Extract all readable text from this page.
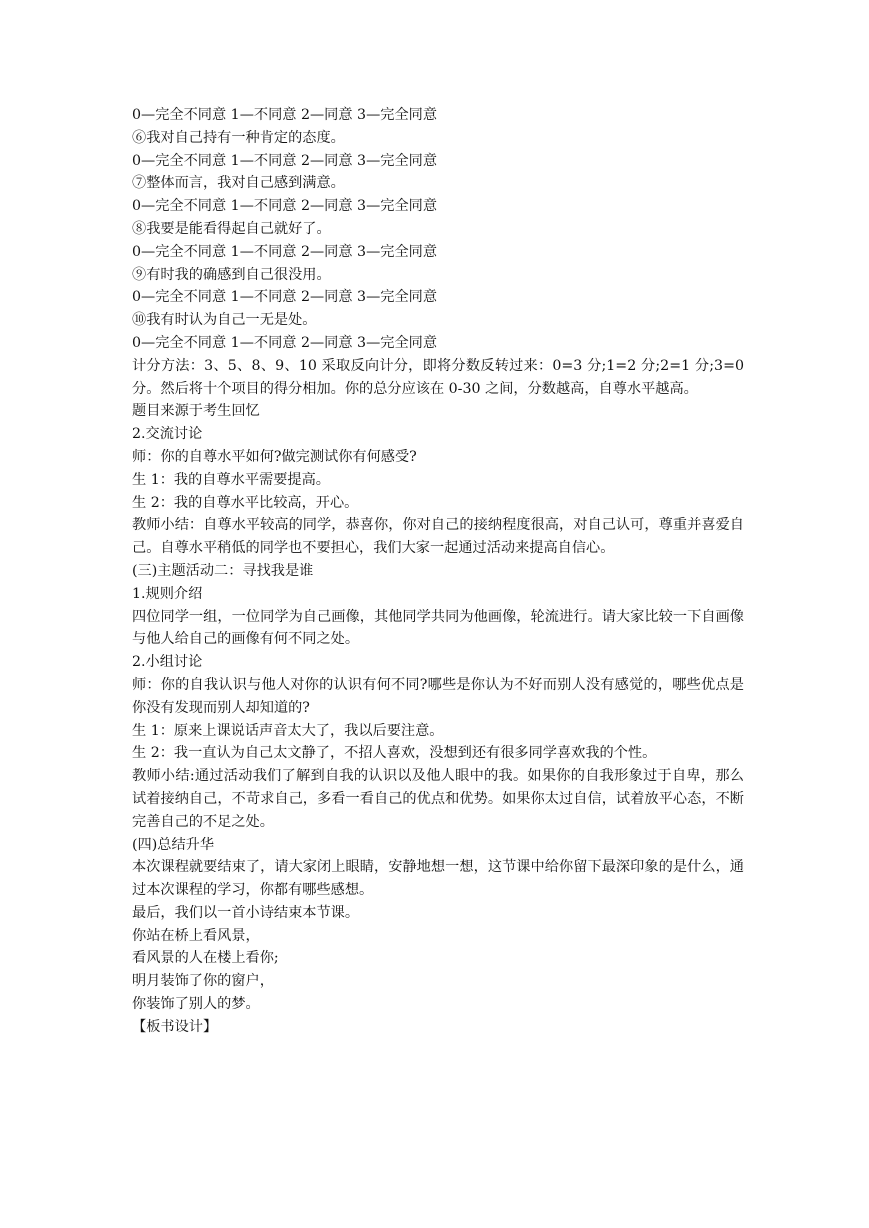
0—完全不同意 1—不同意 2—同意 3—完全同意
⑥我对自己持有一种肯定的态度。
0—完全不同意 1—不同意 2—同意 3—完全同意
⑦整体而言，我对自己感到满意。
0—完全不同意 1—不同意 2—同意 3—完全同意
⑧我要是能看得起自己就好了。
0—完全不同意 1—不同意 2—同意 3—完全同意
⑨有时我的确感到自己很没用。
0—完全不同意 1—不同意 2—同意 3—完全同意
⑩我有时认为自己一无是处。
0—完全不同意 1—不同意 2—同意 3—完全同意
计分方法：3、5、8、9、10 采取反向计分，即将分数反转过来：0=3 分;1=2 分;2=1 分;3=0 分。然后将十个项目的得分相加。你的总分应该在 0-30 之间，分数越高，自尊水平越高。
题目来源于考生回忆
2.交流讨论
师：你的自尊水平如何?做完测试你有何感受?
生 1：我的自尊水平需要提高。
生 2：我的自尊水平比较高，开心。
教师小结：自尊水平较高的同学，恭喜你，你对自己的接纳程度很高，对自己认可，尊重并喜爱自己。自尊水平稍低的同学也不要担心，我们大家一起通过活动来提高自信心。
(三)主题活动二：寻找我是谁
1.规则介绍
四位同学一组，一位同学为自己画像，其他同学共同为他画像，轮流进行。请大家比较一下自画像与他人给自己的画像有何不同之处。
2.小组讨论
师：你的自我认识与他人对你的认识有何不同?哪些是你认为不好而别人没有感觉的，哪些优点是你没有发现而别人却知道的?
生 1：原来上课说话声音太大了，我以后要注意。
生 2：我一直认为自己太文静了，不招人喜欢，没想到还有很多同学喜欢我的个性。
教师小结:通过活动我们了解到自我的认识以及他人眼中的我。如果你的自我形象过于自卑，那么试着接纳自己，不苛求自己，多看一看自己的优点和优势。如果你太过自信，试着放平心态，不断完善自己的不足之处。
(四)总结升华
本次课程就要结束了，请大家闭上眼睛，安静地想一想，这节课中给你留下最深印象的是什么，通过本次课程的学习，你都有哪些感想。
最后，我们以一首小诗结束本节课。
你站在桥上看风景，
看风景的人在楼上看你;
明月装饰了你的窗户，
你装饰了别人的梦。
【板书设计】
